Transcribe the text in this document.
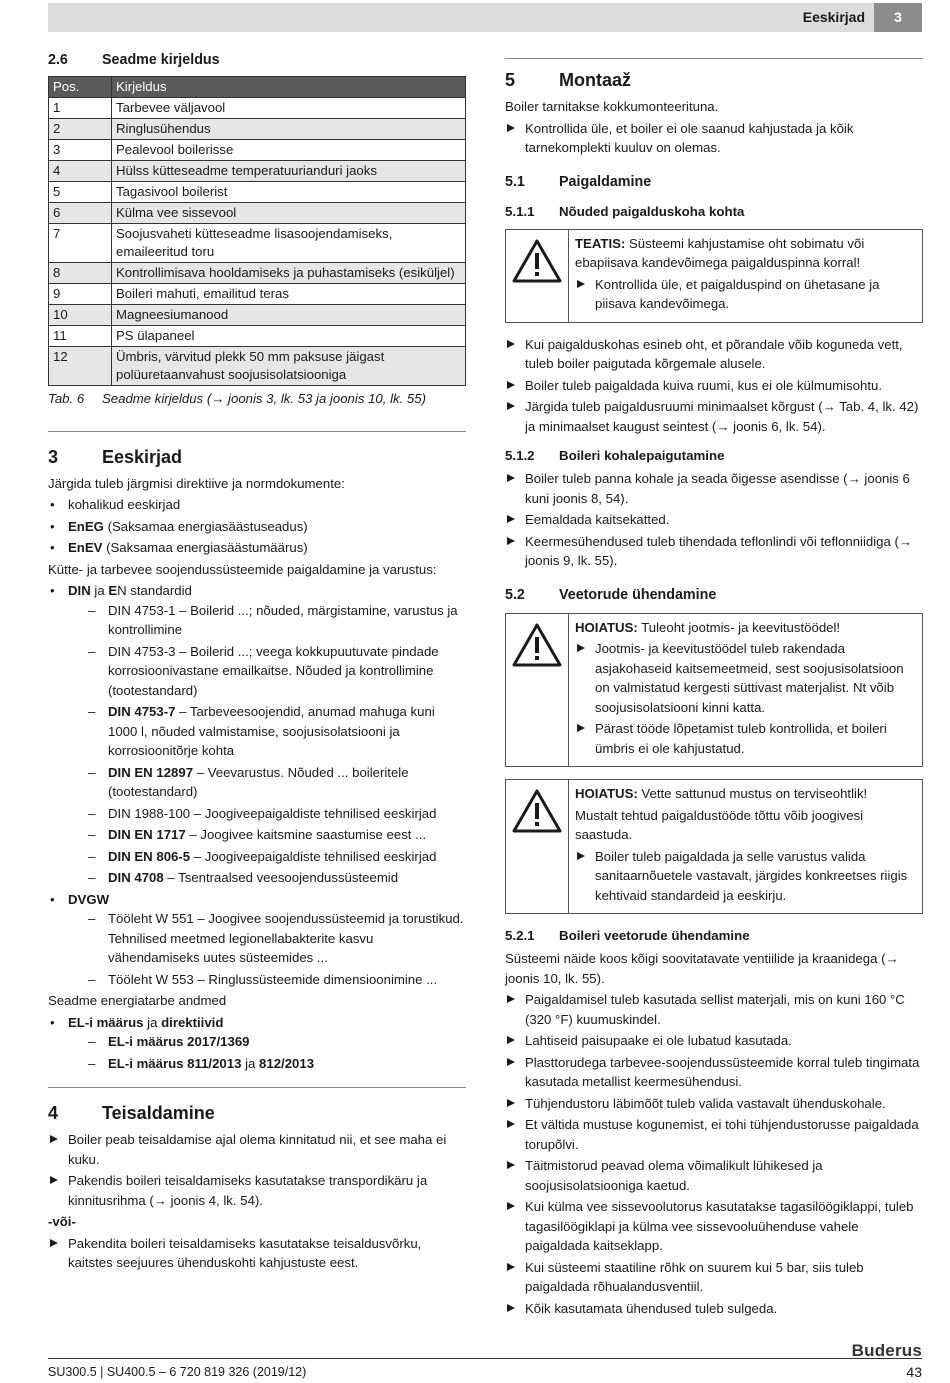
Eeskirjad	3
2.6 Seadme kirjeldus
Pos.	Kirjeldus
1	Tarbevee väljavool
2	Ringlusühendus
3	Pealevool boilerisse
4	Hülss kütteseadme temperatuurianduri jaoks
5	Tagasivool boilerist
6	Külma vee sissevool
7	Soojusvaheti kütteseadme lisasoojendamiseks, emaileeritud toru
8	Kontrollimisava hooldamiseks ja puhastamiseks (esiküljel)
9	Boileri mahuti, emailitud teras
10	Magneesiumanood
11	PS ülapaneel
12	Ümbris, värvitud plekk 50 mm paksuse jäigast polüuretaanvahust soojusisolatsiooniga
Tab. 6 Seadme kirjeldus (→ joonis 3, lk. 53 ja joonis 10, lk. 55)
3 Eeskirjad

Järgida tuleb järgmisi direktiive ja normdokumente:

• kohalikud eeskirjad
• EnEG (Saksamaa energiasäästuseadus)
• EnEV (Saksamaa energiasäästumäärus)

Kütte- ja tarbevee soojendussüsteemide paigaldamine ja varustus:

• DIN ja EN standardid
– DIN 4753-1 – Boilerid ...; nõuded, märgistamine, varustus ja kontrollimine
– DIN 4753-3 – Boilerid ...; veega kokkupuutuvate pindade korrosioonivastane emailkaitse. Nõuded ja kontrollimine (tootestandard)
– DIN 4753-7 – Tarbeveesoojendid, anumad mahuga kuni 1000 l, nõuded valmistamise, soojusisolatsiooni ja korrosioonitõrje kohta
– DIN EN 12897 – Veevarustus. Nõuded ... boileritele (tootestandard)
– DIN 1988-100 – Joogiveepaigaldiste tehnilised eeskirjad
– DIN EN 1717 – Joogivee kaitsmine saastumise eest ...
– DIN EN 806-5 – Joogiveepaigaldiste tehnilised eeskirjad
– DIN 4708 – Tsentraalsed veesoojendussüsteemid
• DVGW
– Tööleht W 551 – Joogivee soojendussüsteemid ja torustikud. Tehnilised meetmed legionellabakterite kasvu vähendamiseks uutes süsteemides ...
– Tööleht W 553 – Ringlussüsteemide dimensioonimine ...

Seadme energiatarbe andmed

• EL-i määrus ja direktiivid
– EL-i määrus 2017/1369
– EL-i määrus 811/2013 ja 812/2013
4 Teisaldamine
Boiler peab teisaldamise ajal olema kinnitatud nii, et see maha ei kuku.
Pakendis boileri teisaldamiseks kasutatakse transpordikäru ja kinnitusrihma (→ joonis 4, lk. 54).

-või-

Pakendita boileri teisaldamiseks kasutatakse teisaldusvõrku, kaitstes seejuures ühenduskohti kahjustuste eest.
5 Montaaž

Boiler tarnitakse kokkumonteerituna.

Kontrollida üle, et boiler ei ole saanud kahjustada ja kõik tarnekomplekti kuuluv on olemas.
5.1 Paigaldamine
5.1.1 Nõuded paigalduskoha kohta

TEATIS: Süsteemi kahjustamise oht sobimatu või ebapiisava kandevõimega paigalduspinna korral!

Kontrollida üle, et paigalduspind on ühetasane ja piisava kandevõimega.
Kui paigalduskohas esineb oht, et põrandale võib koguneda vett, tuleb boiler paigutada kõrgemale alusele.
Boiler tuleb paigaldada kuiva ruumi, kus ei ole külmumisohtu.
Järgida tuleb paigaldusruumi minimaalset kõrgust (→ Tab. 4, lk. 42) ja minimaalset kaugust seintest (→ joonis 6, lk. 54).
5.1.2 Boileri kohalepaigutamine
Boiler tuleb panna kohale ja seada õigesse asendisse (→ joonis 6 kuni joonis 8, 54).
Eemaldada kaitsekatted.
Keermesühendused tuleb tihendada teflonlindi või teflonniidiga (→ joonis 9, lk. 55).
5.2 Veetorude ühendamine

HOIATUS: Tuleoht jootmis- ja keevitustöödel!

Jootmis- ja keevitustöödel tuleb rakendada asjakohaseid kaitsemeetmeid, sest soojusisolatsioon on valmistatud kergesti süttivast materjalist. Nt võib soojusisolatsiooni kinni katta.
Pärast tööde lõpetamist tuleb kontrollida, et boileri ümbris ei ole kahjustatud.

HOIATUS: Vette sattunud mustus on terviseohtlik!

Mustalt tehtud paigaldustööde tõttu võib joogivesi saastuda.

Boiler tuleb paigaldada ja selle varustus valida sanitaarnõuetele vastavalt, järgides konkreetses riigis kehtivaid standardeid ja eeskirju.
5.2.1 Boileri veetorude ühendamine

Süsteemi näide koos kõigi soovitatavate ventiilide ja kraanidega (→ joonis 10, lk. 55).

Paigaldamisel tuleb kasutada sellist materjali, mis on kuni 160 °C (320 °F) kuumuskindel.
Lahtiseid paisupaake ei ole lubatud kasutada.
Plasttorudega tarbevee-soojendussüsteemide korral tuleb tingimata kasutada metallist keermesühendusi.
Tühjendustoru läbimõõt tuleb valida vastavalt ühenduskohale.
Et vältida mustuse kogunemist, ei tohi tühjendustorusse paigaldada torupõlvi.
Täitmistorud peavad olema võimalikult lühikesed ja soojusisolatsiooniga kaetud.
Kui külma vee sissevoolutorus kasutatakse tagasilöögiklappi, tuleb tagasilöögiklapi ja külma vee sissevooluühenduse vahele paigaldada kaitseklapp.
Kui süsteemi staatiline rõhk on suurem kui 5 bar, siis tuleb paigaldada rõhualandusventiil.
Kõik kasutamata ühendused tuleb sulgeda.
Buderus
SU300.5 | SU400.5 – 6 720 819 326 (2019/12)	43
